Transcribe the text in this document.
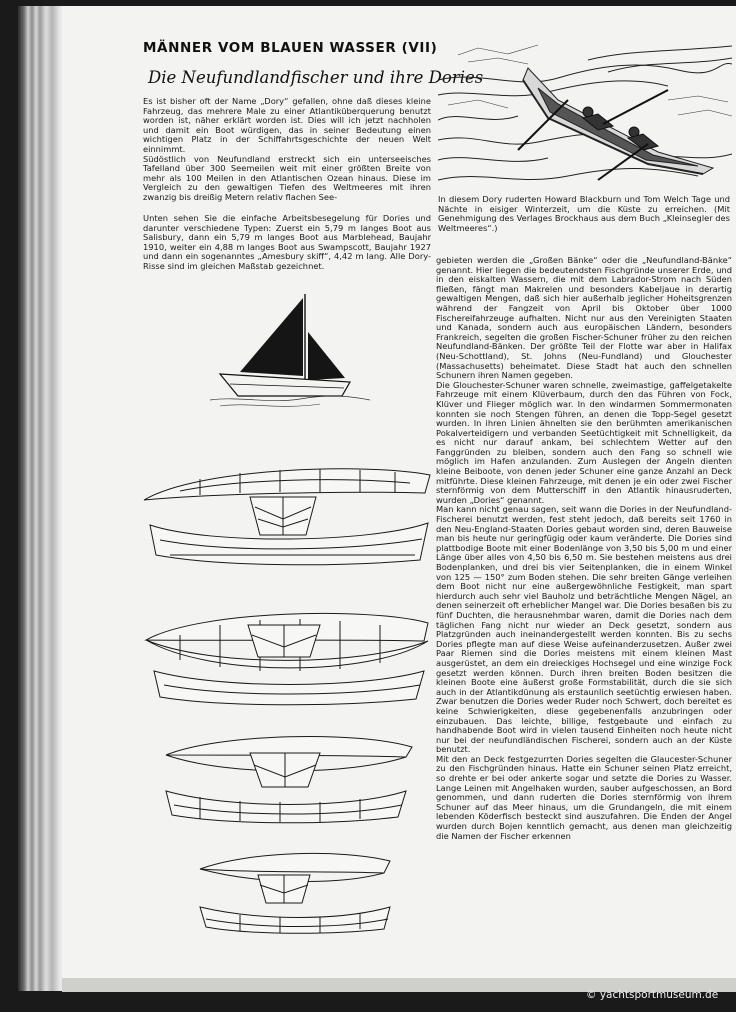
MÄNNER VOM BLAUEN WASSER (VII)
Die Neufundlandfischer und ihre Dories

Es ist bisher oft der Name „Dory“ gefallen, ohne daß dieses kleine Fahrzeug, das mehrere Male zu einer Atlantiküberquerung benutzt worden ist, näher erklärt worden ist. Dies will ich jetzt nachholen und damit ein Boot würdigen, das in seiner Bedeutung einen wichtigen Platz in der Schiffahrtsgeschichte der neuen Welt einnimmt.

Südöstlich von Neufundland erstreckt sich ein unterseeisches Tafelland über 300 Seemeilen weit mit einer größten Breite von mehr als 100 Meilen in den Atlantischen Ozean hinaus. Diese im Vergleich zu den gewaltigen Tiefen des Weltmeeres mit ihren zwanzig bis dreißig Metern relativ flachen See-

Unten sehen Sie die einfache Arbeitsbesegelung für Dories und darunter verschiedene Typen: Zuerst ein 5,79 m langes Boot aus Salisbury, dann ein 5,79 m langes Boot aus Marblehead, Baujahr 1910, weiter ein 4,88 m langes Boot aus Swampscott, Baujahr 1927 und dann ein sogenanntes „Amesbury skiff“, 4,42 m lang. Alle Dory-Risse sind im gleichen Maßstab gezeichnet.
In diesem Dory ruderten Howard Blackburn und Tom Welch Tage und Nächte in eisiger Winterzeit, um die Küste zu erreichen. (Mit Genehmigung des Verlages Brockhaus aus dem Buch „Kleinsegler des Weltmeeres“.)

gebieten werden die „Großen Bänke“ oder die „Neufundland-Bänke“ genannt. Hier liegen die bedeutendsten Fischgründe unserer Erde, und in den eiskalten Wassern, die mit dem Labrador-Strom nach Süden fließen, fängt man Makrelen und besonders Kabeljaue in derartig gewaltigen Mengen, daß sich hier außerhalb jeglicher Hoheitsgrenzen während der Fangzeit von April bis Oktober über 1000 Fischereifahrzeuge aufhalten. Nicht nur aus den Vereinigten Staaten und Kanada, sondern auch aus europäischen Ländern, besonders Frankreich, segelten die großen Fischer-Schuner früher zu den reichen Neufundland-Bänken. Der größte Teil der Flotte war aber in Halifax (Neu-Schottland), St. Johns (Neu-Fundland) und Glouchester (Massachusetts) beheimatet. Diese Stadt hat auch den schnellen Schunern ihren Namen gegeben.

Die Glouchester-Schuner waren schnelle, zweimastige, gaffelgetakelte Fahrzeuge mit einem Klüverbaum, durch den das Führen von Fock, Klüver und Flieger möglich war. In den windarmen Sommermonaten konnten sie noch Stengen führen, an denen die Topp-Segel gesetzt wurden. In ihren Linien ähnelten sie den berühmten amerikanischen Pokalverteidigern und verbanden Seetüchtigkeit mit Schnelligkeit, da es nicht nur darauf ankam, bei schlechtem Wetter auf den Fanggründen zu bleiben, sondern auch den Fang so schnell wie möglich im Hafen anzulanden. Zum Auslegen der Angeln dienten kleine Beiboote, von denen jeder Schuner eine ganze Anzahl an Deck mitführte. Diese kleinen Fahrzeuge, mit denen je ein oder zwei Fischer sternförmig von dem Mutterschiff in den Atlantik hinausruderten, wurden „Dories“ genannt.

Man kann nicht genau sagen, seit wann die Dories in der Neufundland-Fischerei benutzt werden, fest steht jedoch, daß bereits seit 1760 in den Neu-England-Staaten Dories gebaut worden sind, deren Bauweise man bis heute nur geringfügig oder kaum veränderte. Die Dories sind plattbodige Boote mit einer Bodenlänge von 3,50 bis 5,00 m und einer Länge über alles von 4,50 bis 6,50 m. Sie bestehen meistens aus drei Bodenplanken, und drei bis vier Seitenplanken, die in einem Winkel von 125 — 150° zum Boden stehen. Die sehr breiten Gänge verleihen dem Boot nicht nur eine außergewöhnliche Festigkeit, man spart hierdurch auch sehr viel Bauholz und beträchtliche Mengen Nägel, an denen seinerzeit oft erheblicher Mangel war. Die Dories besaßen bis zu fünf Duchten, die herausnehmbar waren, damit die Dories nach dem täglichen Fang nicht nur wieder an Deck gesetzt, sondern aus Platzgründen auch ineinandergestellt werden konnten. Bis zu sechs Dories pflegte man auf diese Weise aufeinanderzusetzen. Außer zwei Paar Riemen sind die Dories meistens mit einem kleinen Mast ausgerüstet, an dem ein dreieckiges Hochsegel und eine winzige Fock gesetzt werden können. Durch ihren breiten Boden besitzen die kleinen Boote eine äußerst große Formstabilität, durch die sie sich auch in der Atlantikdünung als erstaunlich seetüchtig erwiesen haben. Zwar benutzen die Dories weder Ruder noch Schwert, doch bereitet es keine Schwierigkeiten, diese gegebenenfalls anzubringen oder einzubauen. Das leichte, billige, festgebaute und einfach zu handhabende Boot wird in vielen tausend Einheiten noch heute nicht nur bei der neufundländischen Fischerei, sondern auch an der Küste benutzt.

Mit den an Deck festgezurrten Dories segelten die Glaucester-Schuner zu den Fischgründen hinaus. Hatte ein Schuner seinen Platz erreicht, so drehte er bei oder ankerte sogar und setzte die Dories zu Wasser. Lange Leinen mit Angelhaken wurden, sauber aufgeschossen, an Bord genommen, und dann ruderten die Dories sternförmig von ihrem Schuner auf das Meer hinaus, um die Grundangeln, die mit einem lebenden Köderfisch besteckt sind auszufahren. Die Enden der Angel wurden durch Bojen kenntlich gemacht, aus denen man gleichzeitig die Namen der Fischer erkennen

© yachtsportmuseum.de
